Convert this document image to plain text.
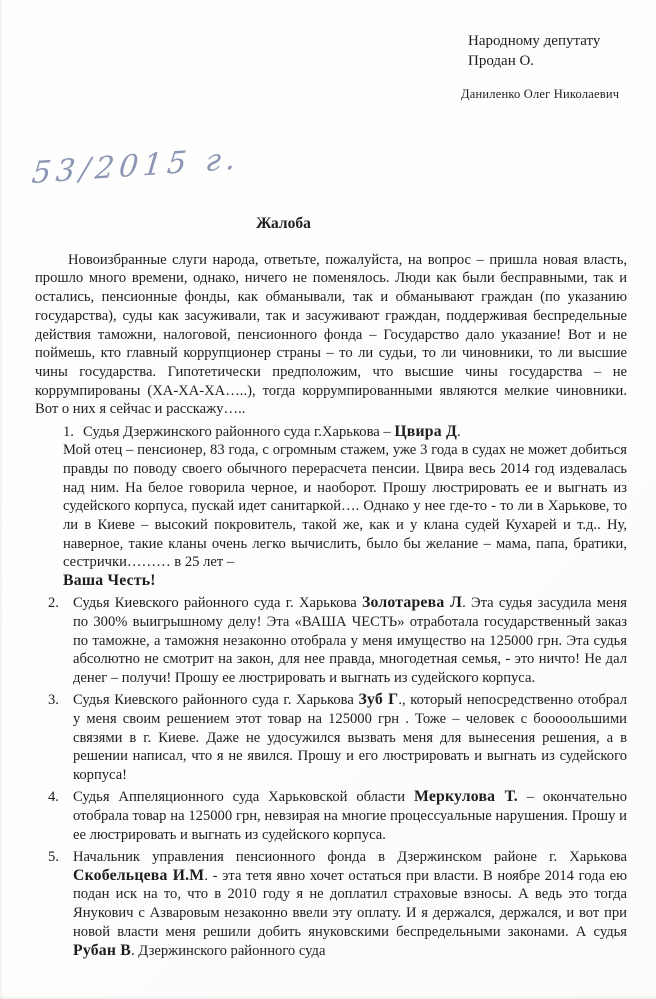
Народному депутату
Продан О.
Даниленко Олег Николаевич
53/2015 г.
Жалоба

Новоизбранные слуги народа, ответьте, пожалуйста, на вопрос – пришла новая власть, прошло много времени, однако, ничего не поменялось. Люди как были бесправными, так и остались, пенсионные фонды, как обманывали, так и обманывают граждан (по указанию государства), суды как засуживали, так и засуживают граждан, поддерживая беспредельные действия таможни, налоговой, пенсионного фонда – Государство дало указание! Вот и не поймешь, кто главный коррупционер страны – то ли судьи, то ли чиновники, то ли высшие чины государства. Гипотетически предположим, что высшие чины государства – не коррумпированы (ХА-ХА-ХА…..), тогда коррумпированными являются мелкие чиновники. Вот о них я сейчас и расскажу…..

1. Судья Дзержинского районного суда г.Харькова – Цвира Д.
Мой отец – пенсионер, 83 года, с огромным стажем, уже 3 года в судах не может добиться правды по поводу своего обычного перерасчета пенсии. Цвира весь 2014 год издевалась над ним. На белое говорила черное, и наоборот. Прошу люстрировать ее и выгнать из судейского корпуса, пускай идет санитаркой…. Однако у нее где-то - то ли в Харькове, то ли в Киеве – высокий покровитель, такой же, как и у клана судей Кухарей и т.д.. Ну, наверное, такие кланы очень легко вычислить, было бы желание – мама, папа, братики, сестрички……… в 25 лет –
Ваша Честь!
2. Судья Киевского районного суда г. Харькова Золотарева Л. Эта судья засудила меня по 300% выигрышному делу! Эта «ВАША ЧЕСТЬ» отработала государственный заказ по таможне, а таможня незаконно отобрала у меня имущество на 125000 грн. Эта судья абсолютно не смотрит на закон, для нее правда, многодетная семья, - это ничто! Не дал денег – получи! Прошу ее люстрировать и выгнать из судейского корпуса.
3. Судья Киевского районного суда г. Харькова Зуб Г., который непосредственно отобрал у меня своим решением этот товар на 125000 грн . Тоже – человек с бооооольшими связями в г. Киеве. Даже не удосужился вызвать меня для вынесения решения, а в решении написал, что я не явился. Прошу и его люстрировать и выгнать из судейского корпуса!
4. Судья Аппеляционного суда Харьковской области Меркулова Т. – окончательно отобрала товар на 125000 грн, невзирая на многие процессуальные нарушения. Прошу и ее люстрировать и выгнать из судейского корпуса.
5. Начальник управления пенсионного фонда в Дзержинском районе г. Харькова Скобельцева И.М. - эта тетя явно хочет остаться при власти. В ноябре 2014 года ею подан иск на то, что в 2010 году я не доплатил страховые взносы. А ведь это тогда Янукович с Азваровым незаконно ввели эту оплату. И я держался, держался, и вот при новой власти меня решили добить януковскими беспредельными законами. А судья Рубан В. Дзержинского районного суда
